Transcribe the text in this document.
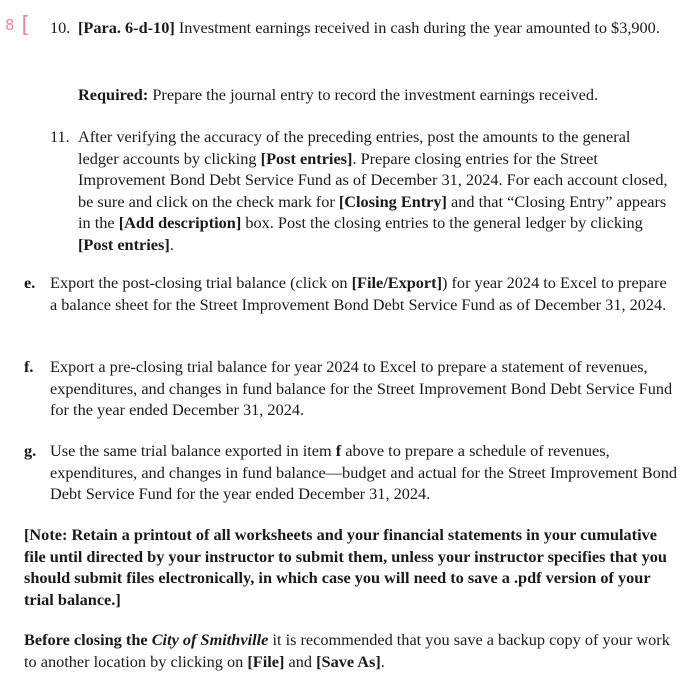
8 [ 10. [Para. 6-d-10] Investment earnings received in cash during the year amounted to $3,900.
Required: Prepare the journal entry to record the investment earnings received.
11. After verifying the accuracy of the preceding entries, post the amounts to the general ledger accounts by clicking [Post entries]. Prepare closing entries for the Street Improvement Bond Debt Service Fund as of December 31, 2024. For each account closed, be sure and click on the check mark for [Closing Entry] and that “Closing Entry” appears in the [Add description] box. Post the closing entries to the general ledger by clicking [Post entries].
e. Export the post-closing trial balance (click on [File/Export]) for year 2024 to Excel to prepare a balance sheet for the Street Improvement Bond Debt Service Fund as of December 31, 2024.
f. Export a pre-closing trial balance for year 2024 to Excel to prepare a statement of revenues, expenditures, and changes in fund balance for the Street Improvement Bond Debt Service Fund for the year ended December 31, 2024.
g. Use the same trial balance exported in item f above to prepare a schedule of revenues, expenditures, and changes in fund balance—budget and actual for the Street Improvement Bond Debt Service Fund for the year ended December 31, 2024.
[Note: Retain a printout of all worksheets and your financial statements in your cumulative file until directed by your instructor to submit them, unless your instructor specifies that you should submit files electronically, in which case you will need to save a .pdf version of your trial balance.]
Before closing the City of Smithville it is recommended that you save a backup copy of your work to another location by clicking on [File] and [Save As].
